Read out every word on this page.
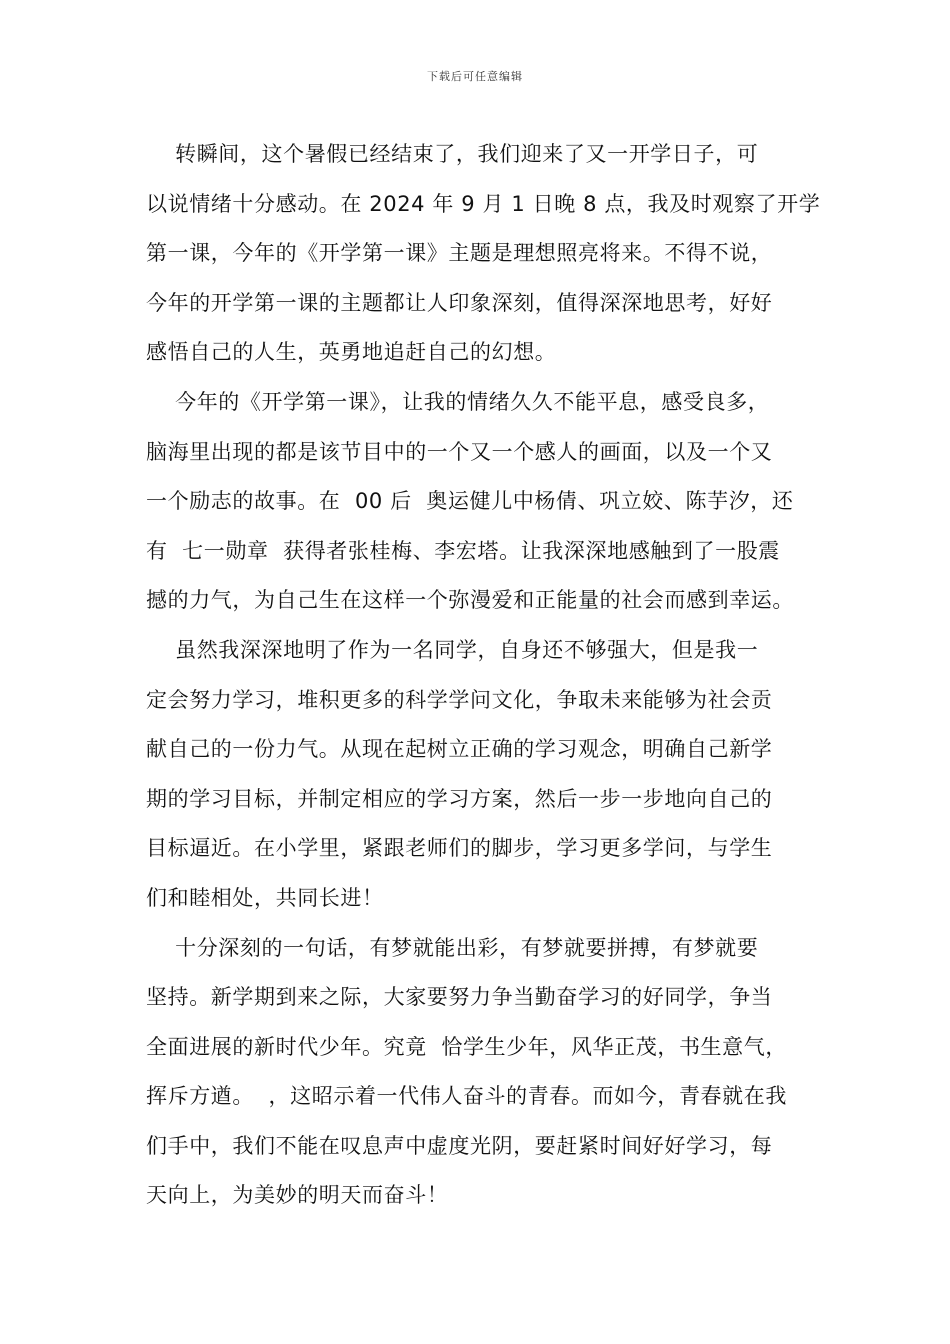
下载后可任意编辑
转瞬间，这个暑假已经结束了，我们迎来了又一开学日子，可
以说情绪十分感动。在 2024 年 9 月 1 日晚 8 点，我及时观察了开学
第一课，今年的《开学第一课》主题是理想照亮将来。不得不说，
今年的开学第一课的主题都让人印象深刻，值得深深地思考，好好
感悟自己的人生，英勇地追赶自己的幻想。
今年的《开学第一课》，让我的情绪久久不能平息，感受良多，
脑海里出现的都是该节目中的一个又一个感人的画面，以及一个又
一个励志的故事。在  00 后  奥运健儿中杨倩、巩立姣、陈芋汐，还
有  七一勋章  获得者张桂梅、李宏塔。让我深深地感触到了一股震
撼的力气，为自己生在这样一个弥漫爱和正能量的社会而感到幸运。
虽然我深深地明了作为一名同学，自身还不够强大，但是我一
定会努力学习，堆积更多的科学学问文化，争取未来能够为社会贡
献自己的一份力气。从现在起树立正确的学习观念，明确自己新学
期的学习目标，并制定相应的学习方案，然后一步一步地向自己的
目标逼近。在小学里，紧跟老师们的脚步，学习更多学问，与学生
们和睦相处，共同长进！
十分深刻的一句话，有梦就能出彩，有梦就要拼搏，有梦就要
坚持。新学期到来之际，大家要努力争当勤奋学习的好同学，争当
全面进展的新时代少年。究竟  恰学生少年，风华正茂，书生意气，
挥斥方遒。  ，这昭示着一代伟人奋斗的青春。而如今，青春就在我
们手中，我们不能在叹息声中虚度光阴，要赶紧时间好好学习，每
天向上，为美妙的明天而奋斗！
